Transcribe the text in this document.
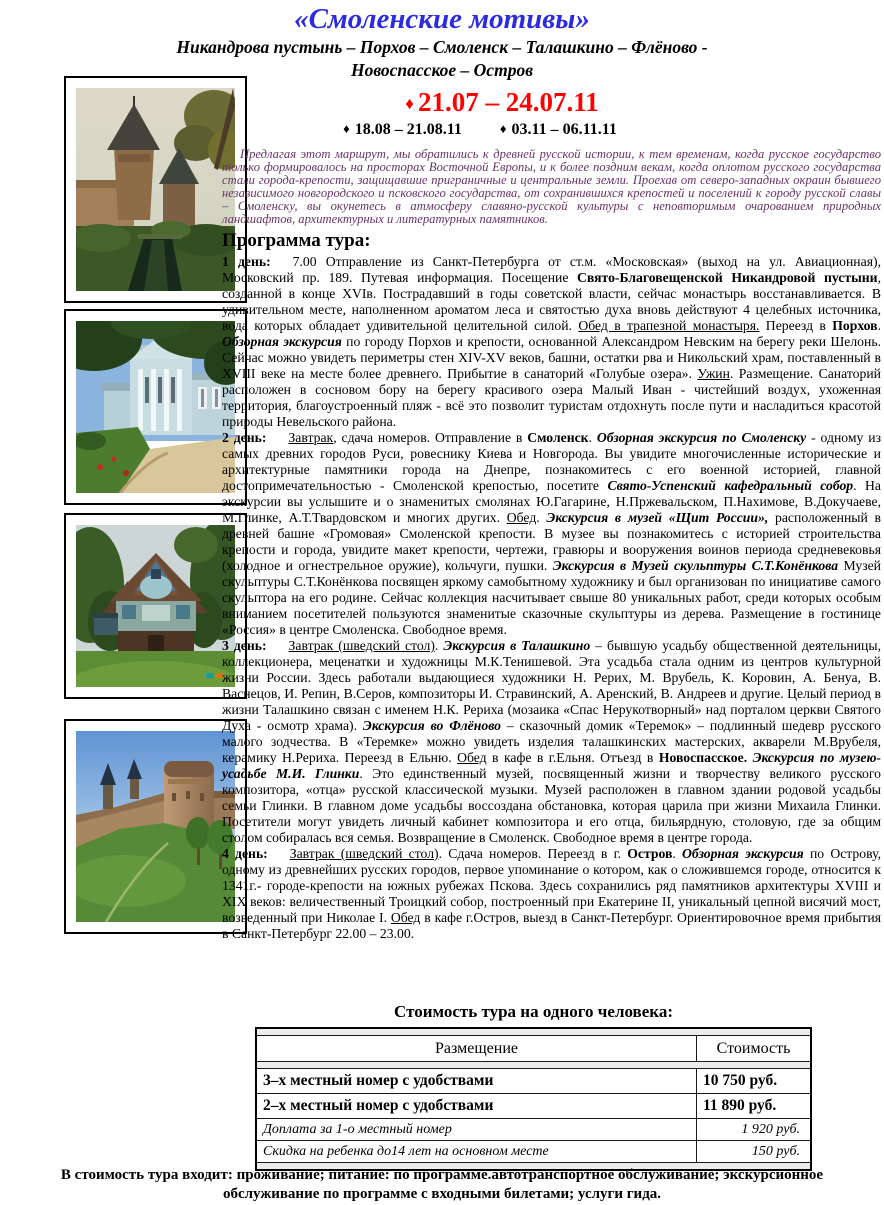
«Смоленские мотивы»
Никандрова пустынь – Порхов – Смоленск – Талашкино – Флёново -
Новоспасское – Остров
♦ 21.07 – 24.07.11
♦ 18.08 – 21.08.11	♦ 03.11 – 06.11.11

Предлагая этот маршрут, мы обратились к древней русской истории, к тем временам, когда русское государство только формировалось на просторах Восточной Европы, и к более поздним векам, когда оплотом русского государства стали города-крепости, защищавшие приграничные и центральные земли. Проехав от северо-западных окраин бывшего независимого новгородского и псковского государства, от сохранившихся крепостей и поселений к городу русской славы – Смоленску, вы окунетесь в атмосферу славяно-русской культуры с неповторимым очарованием природных ландшафтов, архитектурных и литературных памятников.

Программа тура:

1 день: 7.00 Отправление из Санкт-Петербурга от ст.м. «Московская» (выход на ул. Авиационная), Московский пр. 189. Путевая информация. Посещение Свято-Благовещенской Никандровой пустыни, созданной в конце XVIв. Пострадавший в годы советской власти, сейчас монастырь восстанавливается. В удивительном месте, наполненном ароматом леса и святостью духа вновь действуют 4 целебных источника, вода которых обладает удивительной целительной силой. Обед в трапезной монастыря. Переезд в Порхов. Обзорная экскурсия по городу Порхов и крепости, основанной Александром Невским на берегу реки Шелонь. Сейчас можно увидеть периметры стен XIV-XV веков, башни, остатки рва и Никольский храм, поставленный в XVIII веке на месте более древнего. Прибытие в санаторий «Голубые озера». Ужин. Размещение. Санаторий расположен в сосновом бору на берегу красивого озера Малый Иван - чистейший воздух, ухоженная территория, благоустроенный пляж - всё это позволит туристам отдохнуть после пути и насладиться красотой природы Невельского района.

2 день: Завтрак, сдача номеров. Отправление в Смоленск. Обзорная экскурсия по Смоленску - одному из самых древних городов Руси, ровеснику Киева и Новгорода. Вы увидите многочисленные исторические и архитектурные памятники города на Днепре, познакомитесь с его военной историей, главной достопримечательностью - Смоленской крепостью, посетите Свято-Успенский кафедральный собор. На экскурсии вы услышите и о знаменитых смолянах Ю.Гагарине, Н.Пржевальском, П.Нахимове, В.Докучаеве, М.Глинке, А.Т.Твардовском и многих других. Обед. Экскурсия в музей «Щит России», расположенный в древней башне «Громовая» Смоленской крепости. В музее вы познакомитесь с историей строительства крепости и города, увидите макет крепости, чертежи, гравюры и вооружения воинов периода средневековья (холодное и огнестрельное оружие), кольчуги, пушки. Экскурсия в Музей скульптуры С.Т.Конёнкова Музей скульптуры С.Т.Конёнкова посвящен яркому самобытному художнику и был организован по инициативе самого скульптора на его родине. Сейчас коллекция насчитывает свыше 80 уникальных работ, среди которых особым вниманием посетителей пользуются знаменитые сказочные скульптуры из дерева. Размещение в гостинице «Россия» в центре Смоленска. Свободное время.

3 день: Завтрак (шведский стол). Экскурсия в Талашкино – бывшую усадьбу общественной деятельницы, коллекционера, меценатки и художницы М.К.Тенишевой. Эта усадьба стала одним из центров культурной жизни России. Здесь работали выдающиеся художники Н. Рерих, М. Врубель, К. Коровин, А. Бенуа, В. Васнецов, И. Репин, В.Серов, композиторы И. Стравинский, А. Аренский, В. Андреев и другие. Целый период в жизни Талашкино связан с именем Н.К. Рериха (мозаика «Спас Нерукотворный» над порталом церкви Святого Духа - осмотр храма). Экскурсия во Флёново – сказочный домик «Теремок» – подлинный шедевр русского малого зодчества. В «Теремке» можно увидеть изделия талашкинских мастерских, акварели М.Врубеля, керамику Н.Рериха. Переезд в Ельню. Обед в кафе в г.Ельня. Отъезд в Новоспасское. Экскурсия по музею-усадьбе М.И. Глинки. Это единственный музей, посвященный жизни и творчеству великого русского композитора, «отца» русской классической музыки. Музей расположен в главном здании родовой усадьбы семьи Глинки. В главном доме усадьбы воссоздана обстановка, которая царила при жизни Михаила Глинки. Посетители могут увидеть личный кабинет композитора и его отца, бильярдную, столовую, где за общим столом собиралась вся семья. Возвращение в Смоленск. Свободное время в центре города.

4 день: Завтрак (шведский стол). Сдача номеров. Переезд в г. Остров. Обзорная экскурсия по Острову, одному из древнейших русских городов, первое упоминание о котором, как о сложившемся городе, относится к 1341г.- городе-крепости на южных рубежах Пскова. Здесь сохранились ряд памятников архитектуры XVIII и XIX веков: величественный Троицкий собор, построенный при Екатерине II, уникальный цепной висячий мост, возведенный при Николае I. Обед в кафе г.Остров, выезд в Санкт-Петербург. Ориентировочное время прибытия в Санкт-Петербург 22.00 – 23.00.

Стоимость тура на одного человека:

Размещение	Стоимость

3–х местный номер с удобствами	10 750 руб.
2–х местный номер с удобствами	11 890 руб.
Доплата за 1-о местный номер	1 920 руб.
Скидка на ребенка до14 лет на основном месте	150 руб.

В стоимость тура входит: проживание; питание: по программе.автотранспортное обслуживание; экскурсионное обслуживание по программе с входными билетами; услуги гида.
